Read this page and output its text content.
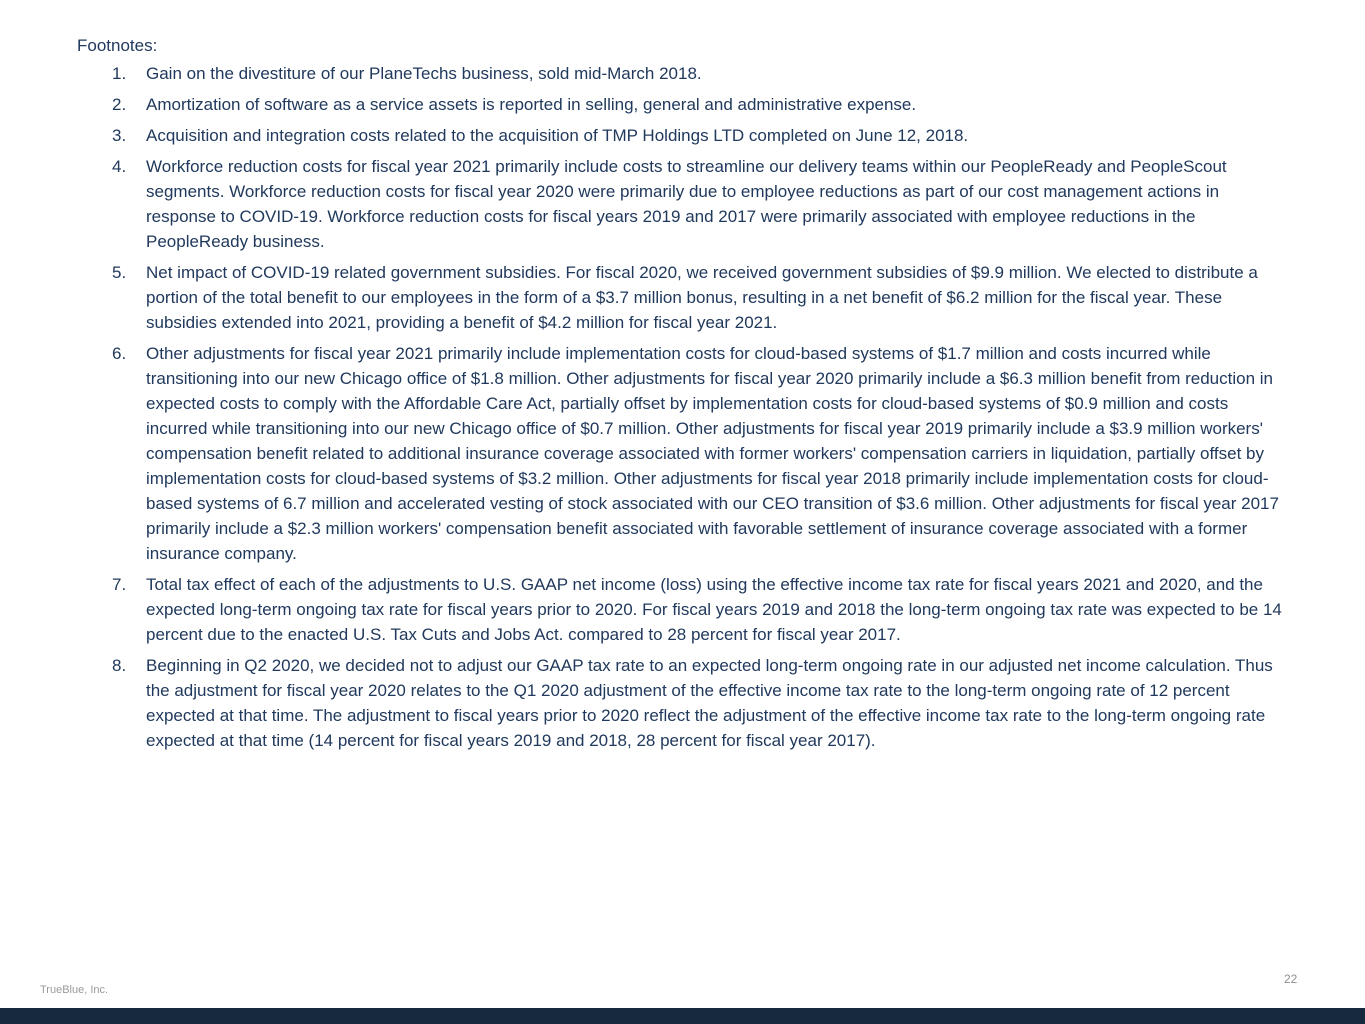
Footnotes:
1.	Gain on the divestiture of our PlaneTechs business, sold mid-March 2018.
2.	Amortization of software as a service assets is reported in selling, general and administrative expense.
3.	Acquisition and integration costs related to the acquisition of TMP Holdings LTD completed on June 12, 2018.
4.	Workforce reduction costs for fiscal year 2021 primarily include costs to streamline our delivery teams within our PeopleReady and PeopleScout segments. Workforce reduction costs for fiscal year 2020 were primarily due to employee reductions as part of our cost management actions in response to COVID-19. Workforce reduction costs for fiscal years 2019 and 2017 were primarily associated with employee reductions in the PeopleReady business.
5.	Net impact of COVID-19 related government subsidies. For fiscal 2020, we received government subsidies of $9.9 million. We elected to distribute a portion of the total benefit to our employees in the form of a $3.7 million bonus, resulting in a net benefit of $6.2 million for the fiscal year. These subsidies extended into 2021, providing a benefit of $4.2 million for fiscal year 2021.
6.	Other adjustments for fiscal year 2021 primarily include implementation costs for cloud-based systems of $1.7 million and costs incurred while transitioning into our new Chicago office of $1.8 million. Other adjustments for fiscal year 2020 primarily include a $6.3 million benefit from reduction in expected costs to comply with the Affordable Care Act, partially offset by implementation costs for cloud-based systems of $0.9 million and costs incurred while transitioning into our new Chicago office of $0.7 million. Other adjustments for fiscal year 2019 primarily include a $3.9 million workers' compensation benefit related to additional insurance coverage associated with former workers' compensation carriers in liquidation, partially offset by implementation costs for cloud-based systems of $3.2 million. Other adjustments for fiscal year 2018 primarily include implementation costs for cloud-based systems of 6.7 million and accelerated vesting of stock associated with our CEO transition of $3.6 million. Other adjustments for fiscal year 2017 primarily include a $2.3 million workers' compensation benefit associated with favorable settlement of insurance coverage associated with a former insurance company.
7.	Total tax effect of each of the adjustments to U.S. GAAP net income (loss) using the effective income tax rate for fiscal years 2021 and 2020, and the expected long-term ongoing tax rate for fiscal years prior to 2020. For fiscal years 2019 and 2018 the long-term ongoing tax rate was expected to be 14 percent due to the enacted U.S. Tax Cuts and Jobs Act. compared to 28 percent for fiscal year 2017.
8.	Beginning in Q2 2020, we decided not to adjust our GAAP tax rate to an expected long-term ongoing rate in our adjusted net income calculation. Thus the adjustment for fiscal year 2020 relates to the Q1 2020 adjustment of the effective income tax rate to the long-term ongoing rate of 12 percent expected at that time. The adjustment to fiscal years prior to 2020 reflect the adjustment of the effective income tax rate to the long-term ongoing rate expected at that time (14 percent for fiscal years 2019 and 2018, 28 percent for fiscal year 2017).
TrueBlue, Inc.
22
